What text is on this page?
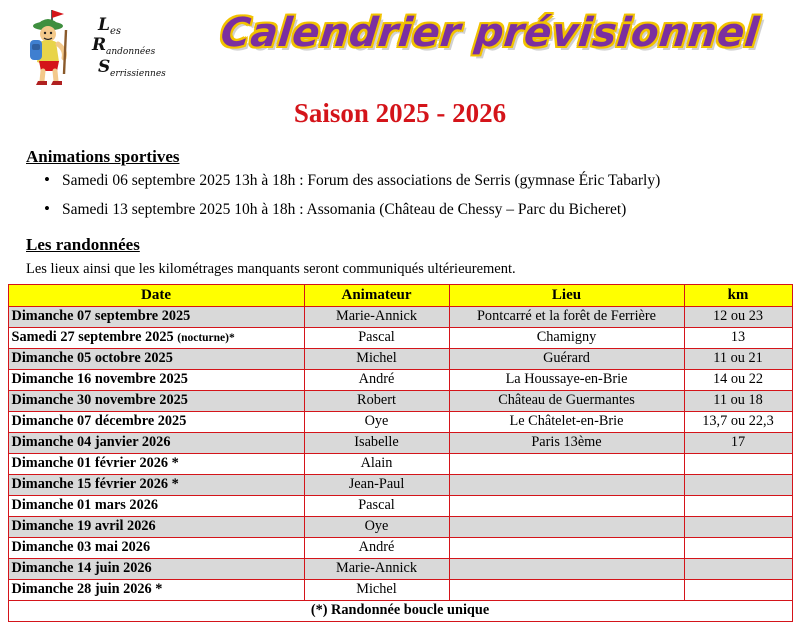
L es
R andonnées
S errissiennes
Calendrier prévisionnel
Saison 2025 - 2026
Animations sportives
• Samedi 06 septembre 2025 13h à 18h : Forum des associations de Serris (gymnase Éric Tabarly)
• Samedi 13 septembre 2025 10h à 18h : Assomania (Château de Chessy – Parc du Bicheret)
Les randonnées
Les lieux ainsi que les kilométrages manquants seront communiqués ultérieurement.
Date	Animateur	Lieu	km
Dimanche 07 septembre 2025	Marie-Annick	Pontcarré et la forêt de Ferrière	12 ou 23
Samedi 27 septembre 2025 (nocturne)*	Pascal	Chamigny	13
Dimanche 05 octobre 2025	Michel	Guérard	11 ou 21
Dimanche 16 novembre 2025	André	La Houssaye-en-Brie	14 ou 22
Dimanche 30 novembre 2025	Robert	Château de Guermantes	11 ou 18
Dimanche 07 décembre 2025	Oye	Le Châtelet-en-Brie	13,7 ou 22,3
Dimanche 04 janvier 2026	Isabelle	Paris 13ème	17
Dimanche 01 février 2026 *	Alain		
Dimanche 15 février 2026 *	Jean-Paul		
Dimanche 01 mars 2026	Pascal		
Dimanche 19 avril 2026	Oye		
Dimanche 03 mai 2026	André		
Dimanche 14 juin 2026	Marie-Annick		
Dimanche 28 juin 2026 *	Michel		
(*) Randonnée boucle unique			
